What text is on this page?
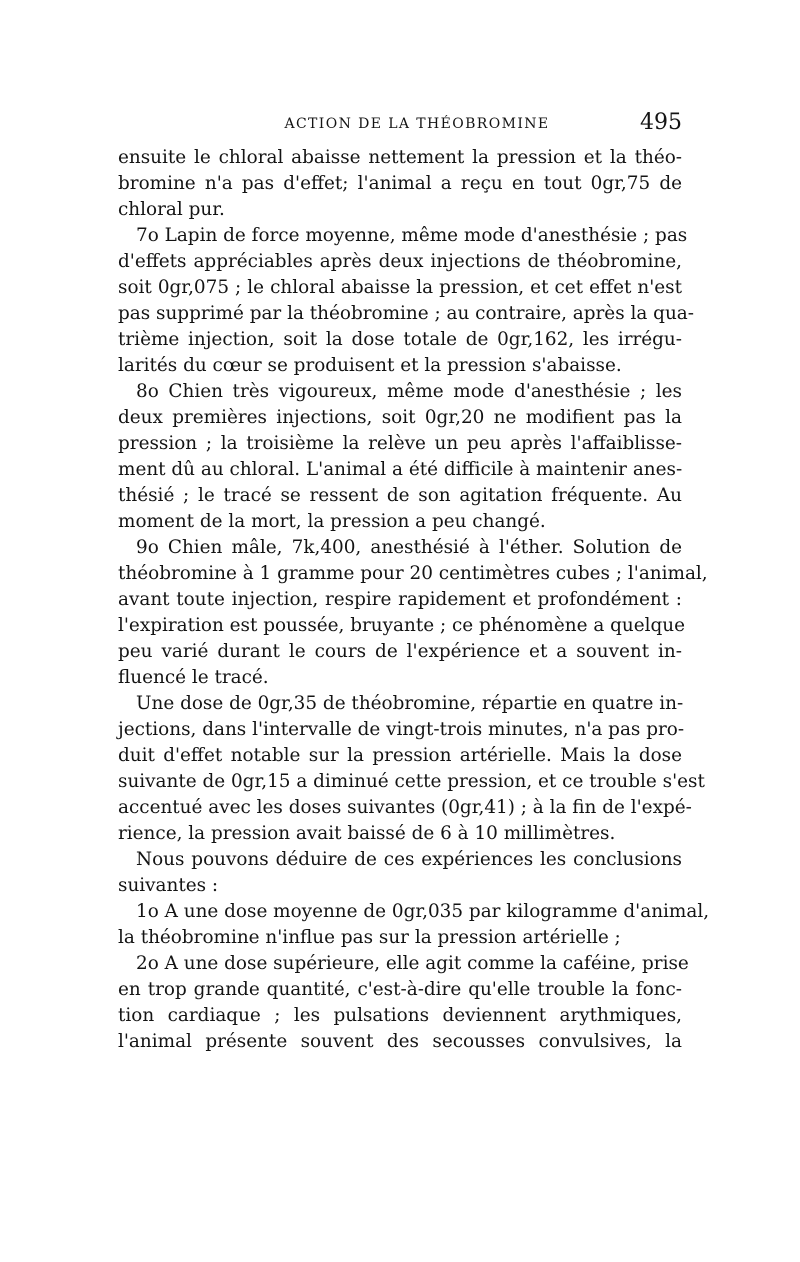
ACTION DE LA THÉOBROMINE	495
ensuite le chloral abaisse nettement la pression et la théo-
bromine n'a pas d'effet; l'animal a reçu en tout 0gr,75 de
chloral pur.
7o Lapin de force moyenne, même mode d'anesthésie ; pas
d'effets appréciables après deux injections de théobromine,
soit 0gr,075 ; le chloral abaisse la pression, et cet effet n'est
pas supprimé par la théobromine ; au contraire, après la qua-
trième injection, soit la dose totale de 0gr,162, les irrégu-
larités du cœur se produisent et la pression s'abaisse.
8o Chien très vigoureux, même mode d'anesthésie ; les
deux premières injections, soit 0gr,20 ne modifient pas la
pression ; la troisième la relève un peu après l'affaiblisse-
ment dû au chloral. L'animal a été difficile à maintenir anes-
thésié ; le tracé se ressent de son agitation fréquente. Au
moment de la mort, la pression a peu changé.
9o Chien mâle, 7k,400, anesthésié à l'éther. Solution de
théobromine à 1 gramme pour 20 centimètres cubes ; l'animal,
avant toute injection, respire rapidement et profondément :
l'expiration est poussée, bruyante ; ce phénomène a quelque
peu varié durant le cours de l'expérience et a souvent in-
fluencé le tracé.
Une dose de 0gr,35 de théobromine, répartie en quatre in-
jections, dans l'intervalle de vingt-trois minutes, n'a pas pro-
duit d'effet notable sur la pression artérielle. Mais la dose
suivante de 0gr,15 a diminué cette pression, et ce trouble s'est
accentué avec les doses suivantes (0gr,41) ; à la fin de l'expé-
rience, la pression avait baissé de 6 à 10 millimètres.
Nous pouvons déduire de ces expériences les conclusions
suivantes :
1o A une dose moyenne de 0gr,035 par kilogramme d'animal,
la théobromine n'influe pas sur la pression artérielle ;
2o A une dose supérieure, elle agit comme la caféine, prise
en trop grande quantité, c'est-à-dire qu'elle trouble la fonc-
tion cardiaque ; les pulsations deviennent arythmiques,
l'animal présente souvent des secousses convulsives, la
